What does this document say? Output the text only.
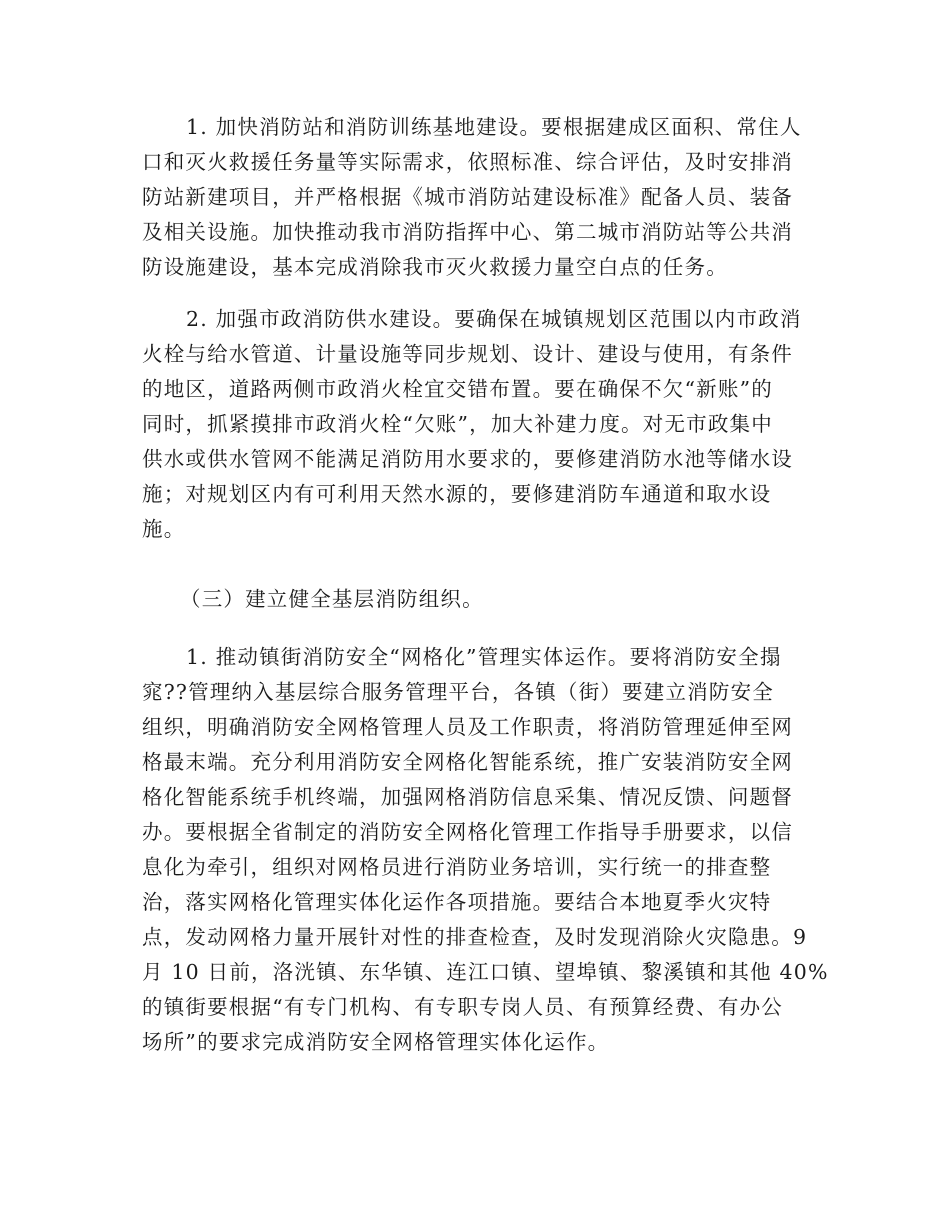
1. 加快消防站和消防训练基地建设。要根据建成区面积、常住人
口和灭火救援任务量等实际需求，依照标准、综合评估，及时安排消
防站新建项目，并严格根据《城市消防站建设标准》配备人员、装备
及相关设施。加快推动我市消防指挥中心、第二城市消防站等公共消
防设施建设，基本完成消除我市灭火救援力量空白点的任务。
2. 加强市政消防供水建设。要确保在城镇规划区范围以内市政消
火栓与给水管道、计量设施等同步规划、设计、建设与使用，有条件
的地区，道路两侧市政消火栓宜交错布置。要在确保不欠“新账”的
同时，抓紧摸排市政消火栓“欠账”，加大补建力度。对无市政集中
供水或供水管网不能满足消防用水要求的，要修建消防水池等储水设
施；对规划区内有可利用天然水源的，要修建消防车通道和取水设
施。
（三）建立健全基层消防组织。
1. 推动镇街消防安全“网格化”管理实体运作。要将消防安全搨
窕??管理纳入基层综合服务管理平台，各镇（街）要建立消防安全
组织，明确消防安全网格管理人员及工作职责，将消防管理延伸至网
格最末端。充分利用消防安全网格化智能系统，推广安装消防安全网
格化智能系统手机终端，加强网格消防信息采集、情况反馈、问题督
办。要根据全省制定的消防安全网格化管理工作指导手册要求，以信
息化为牵引，组织对网格员进行消防业务培训，实行统一的排查整
治，落实网格化管理实体化运作各项措施。要结合本地夏季火灾特
点，发动网格力量开展针对性的排查检查，及时发现消除火灾隐患。9
月 10 日前，洛洸镇、东华镇、连江口镇、望埠镇、黎溪镇和其他 40%
的镇街要根据“有专门机构、有专职专岗人员、有预算经费、有办公
场所”的要求完成消防安全网格管理实体化运作。
